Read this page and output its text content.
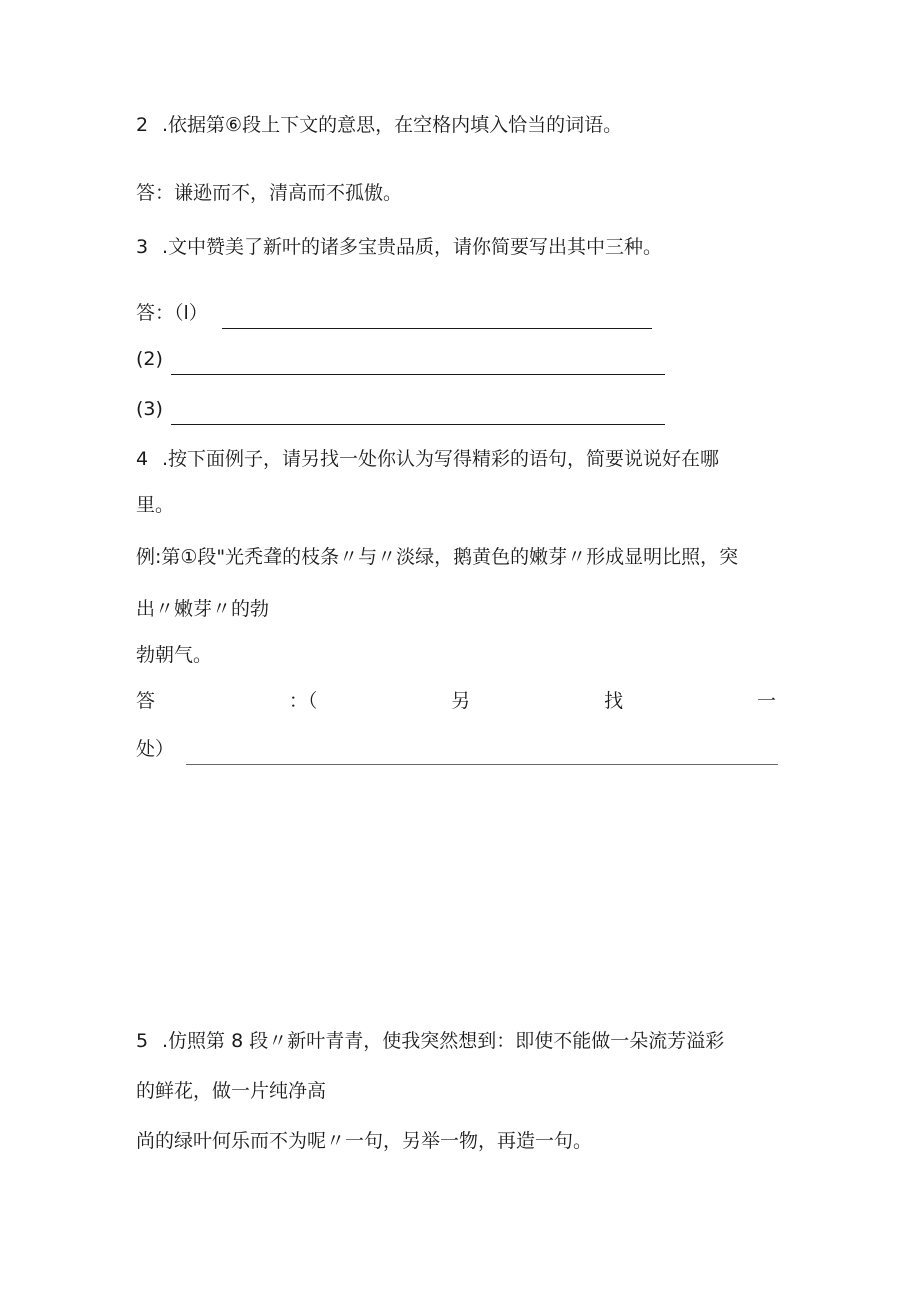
2 .依据第⑥段上下文的意思，在空格内填入恰当的词语。
答：谦逊而不，清高而不孤傲。
3 .文中赞美了新叶的诸多宝贵品质，请你简要写出其中三种。
答：（l）
(2)
(3)
4 .按下面例子，请另找一处你认为写得精彩的语句，简要说说好在哪
里。
例:第①段"光秃聋的枝条〃与〃淡绿，鹅黄色的嫩芽〃形成显明比照，突
出〃嫩芽〃的勃
勃朝气。
答	：（	另	找	一
处）
5 .仿照第 8 段〃新叶青青，使我突然想到：即使不能做一朵流芳溢彩
的鲜花，做一片纯净高
尚的绿叶何乐而不为呢〃一句，另举一物，再造一句。
